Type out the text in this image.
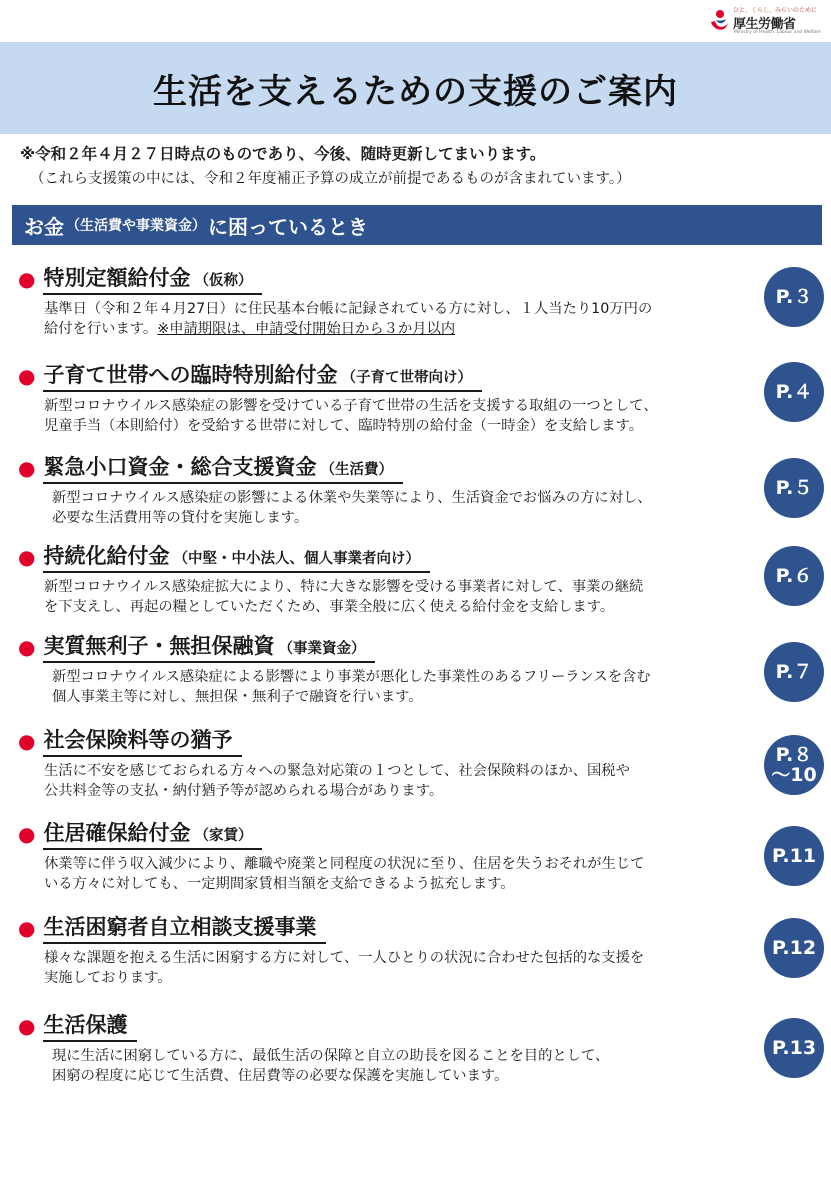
ひと、くらし、みらいのために
厚生労働省
Ministry of Health, Labour and Welfare
生活を支えるための支援のご案内
※令和２年４月２７日時点のものであり、今後、随時更新してまいります。
（これら支援策の中には、令和２年度補正予算の成立が前提であるものが含まれています。）
お金 （生活費や事業資金） に困っているとき
● 特別定額給付金 （仮称）
基準日（令和２年４月27日）に住民基本台帳に記録されている方に対し、１人当たり10万円の
給付を行います。※申請期限は、申請受付開始日から３か月以内
P.３
● 子育て世帯への臨時特別給付金 （子育て世帯向け）
新型コロナウイルス感染症の影響を受けている子育て世帯の生活を支援する取組の一つとして、
児童手当（本則給付）を受給する世帯に対して、臨時特別の給付金（一時金）を支給します。
P.４
● 緊急小口資金・総合支援資金 （生活費）
新型コロナウイルス感染症の影響による休業や失業等により、生活資金でお悩みの方に対し、
必要な生活費用等の貸付を実施します。
P.５
● 持続化給付金 （中堅・中小法人、個人事業者向け）
新型コロナウイルス感染症拡大により、特に大きな影響を受ける事業者に対して、事業の継続
を下支えし、再起の糧としていただくため、事業全般に広く使える給付金を支給します。
P.６
● 実質無利子・無担保融資 （事業資金）
新型コロナウイルス感染症による影響により事業が悪化した事業性のあるフリーランスを含む
個人事業主等に対し、無担保・無利子で融資を行います。
P.７
● 社会保険料等の猶予
生活に不安を感じておられる方々への緊急対応策の１つとして、社会保険料のほか、国税や
公共料金等の支払・納付猶予等が認められる場合があります。
P.８
～10
● 住居確保給付金 （家賃）
休業等に伴う収入減少により、離職や廃業と同程度の状況に至り、住居を失うおそれが生じて
いる方々に対しても、一定期間家賃相当額を支給できるよう拡充します。
P.11
● 生活困窮者自立相談支援事業
様々な課題を抱える生活に困窮する方に対して、一人ひとりの状況に合わせた包括的な支援を
実施しております。
P.12
● 生活保護
現に生活に困窮している方に、最低生活の保障と自立の助長を図ることを目的として、
困窮の程度に応じて生活費、住居費等の必要な保護を実施しています。
P.13
